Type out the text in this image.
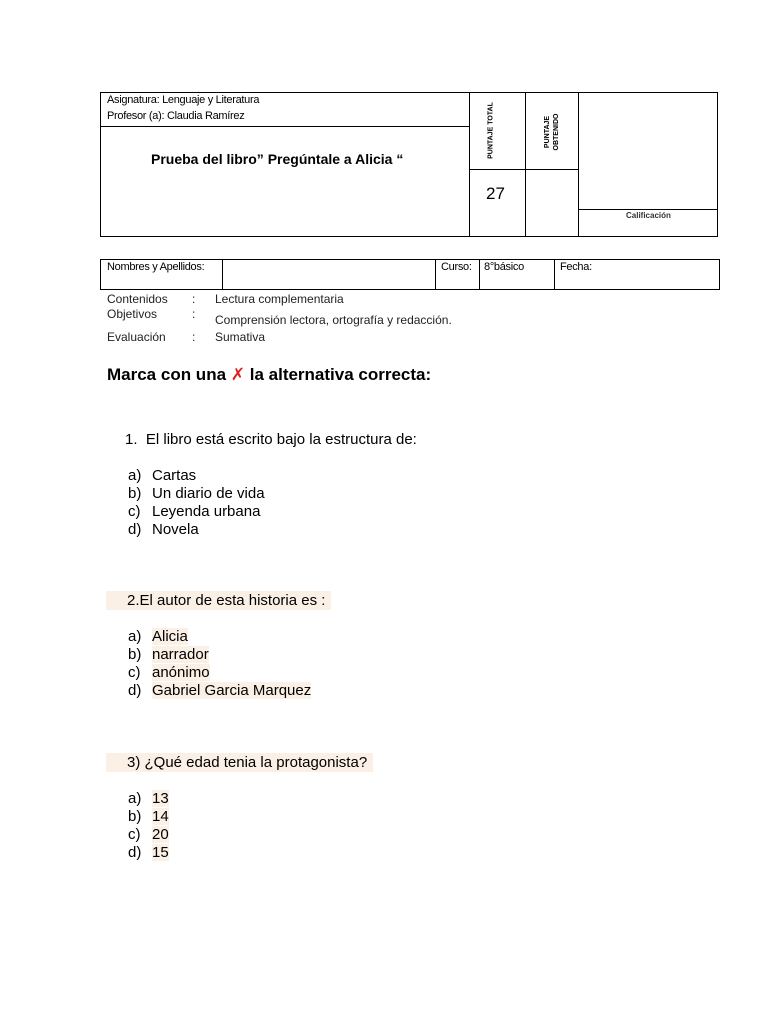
Asignatura: Lenguaje y Literatura
Profesor (a): Claudia Ramírez
Prueba del libro” Pregúntale a Alicia “
PUNTAJE TOTAL	PUNTAJE OBTENIDO
27
Calificación
Nombres y Apellidos:	Curso: 8°básico	Fecha:
Contenidos : Lectura complementaria
Objetivos	: Comprensión lectora, ortografía y redacción.
Evaluación : Sumativa
Marca con una ✗ la alternativa correcta:
1. El libro está escrito bajo la estructura de:
a) Cartas
b) Un diario de vida
c) Leyenda urbana
d) Novela
2.El autor de esta historia es :
a) Alicia
b) narrador
c) anónimo
d) Gabriel Garcia Marquez
3) ¿Qué edad tenia la protagonista?
a) 13
b) 14
c) 20
d) 15
